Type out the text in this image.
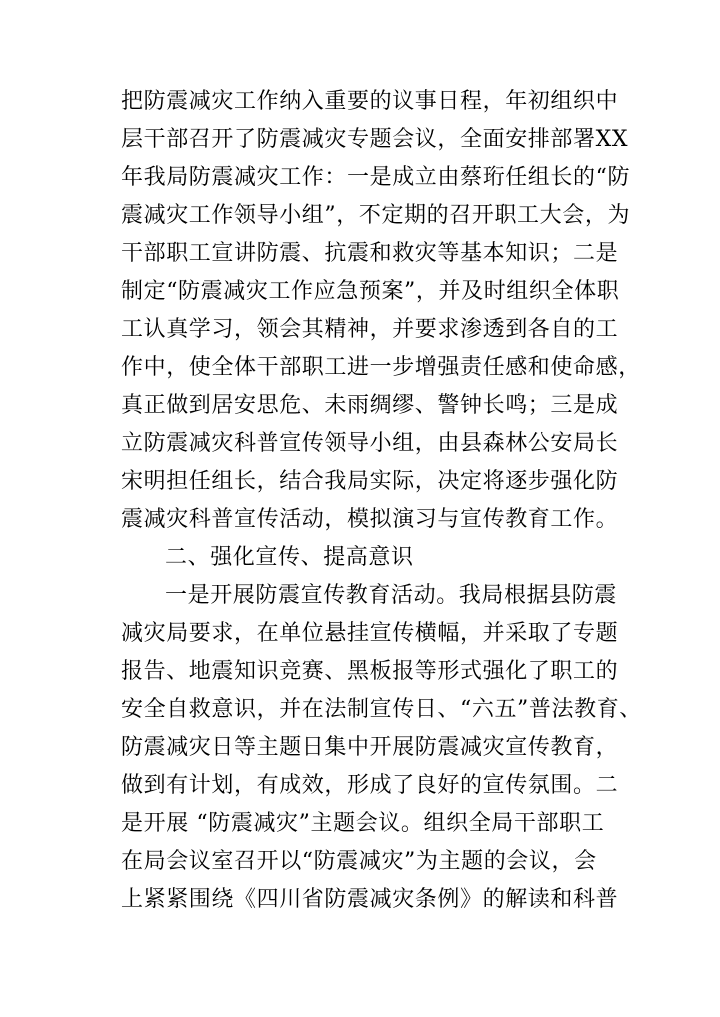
把防震减灾工作纳入重要的议事日程，年初组织中
层干部召开了防震减灾专题会议，全面安排部署XX
年我局防震减灾工作：一是成立由蔡珩任组长的“防
震减灾工作领导小组”，不定期的召开职工大会，为
干部职工宣讲防震、抗震和救灾等基本知识；二是
制定“防震减灾工作应急预案”，并及时组织全体职
工认真学习，领会其精神，并要求渗透到各自的工
作中，使全体干部职工进一步增强责任感和使命感，
真正做到居安思危、未雨绸缪、警钟长鸣；三是成
立防震减灾科普宣传领导小组，由县森林公安局长
宋明担任组长，结合我局实际，决定将逐步强化防
震减灾科普宣传活动，模拟演习与宣传教育工作。
二、强化宣传、提高意识
一是开展防震宣传教育活动。我局根据县防震
减灾局要求，在单位悬挂宣传横幅，并采取了专题
报告、地震知识竞赛、黑板报等形式强化了职工的
安全自救意识，并在法制宣传日、“六五”普法教育、
防震减灾日等主题日集中开展防震减灾宣传教育，
做到有计划，有成效，形成了良好的宣传氛围。二
是开展 “防震减灾”主题会议。组织全局干部职工
在局会议室召开以“防震减灾”为主题的会议，会
上紧紧围绕《四川省防震减灾条例》的解读和科普
